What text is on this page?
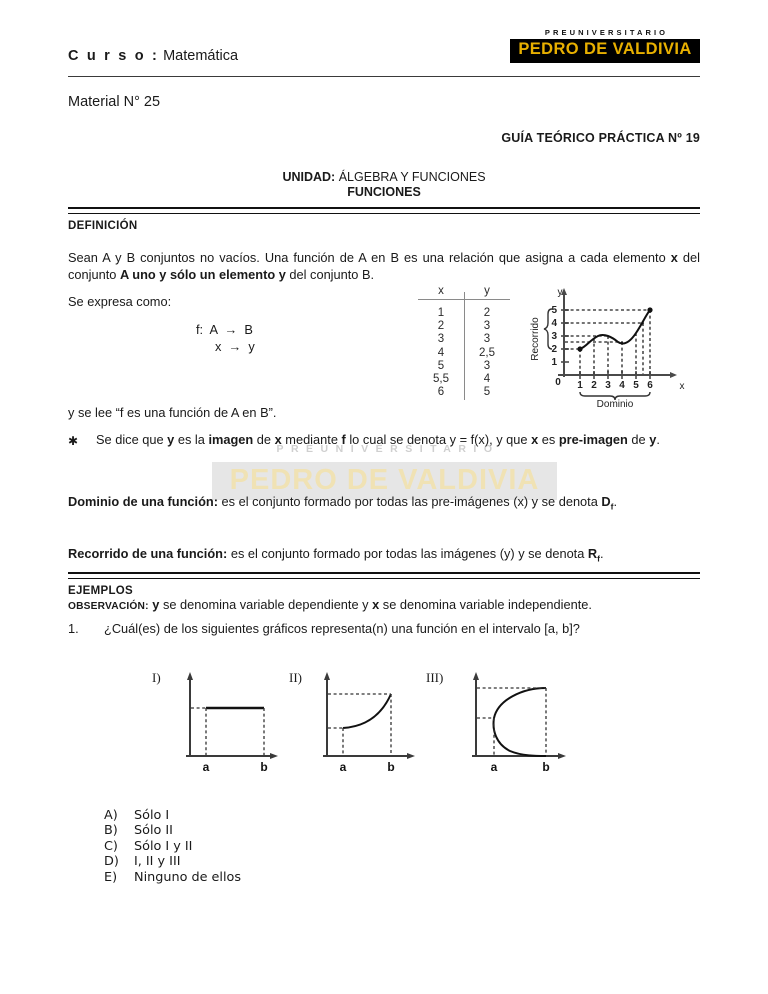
C u r s o : Matemática
PREUNIVERSITARIO
PEDRO DE VALDIVIA
Material N° 25
GUÍA TEÓRICO PRÁCTICA Nº 19
UNIDAD: ÁLGEBRA Y FUNCIONES
FUNCIONES
DEFINICIÓN
Sean A y B conjuntos no vacíos. Una función de A en B es una relación que asigna a cada elemento x del conjunto A uno y sólo un elemento y del conjunto B.
Se expresa como:
f:  A  →  B
x  →  y
x	y
1	2
2	3
3	3
4	2,5
5	3
5,5	4
6	5
1
2
3
4
5
1 2 3 4 5 6
0
y
x
Recorrido
Dominio
y se lee “f es una función de A en B”.
PREUNIVERSITARIO
PEDRO DE VALDIVIA
✱	Se dice que y es la imagen de x mediante f lo cual se denota y = f(x), y que x es pre-imagen de y.
Dominio de una función: es el conjunto formado por todas las pre-imágenes (x) y se denota $D_f$.
Recorrido de una función: es el conjunto formado por todas las imágenes (y) y se denota $R_f$.
OBSERVACIÓN: y se denomina variable dependiente y x se denomina variable independiente.
EJEMPLOS
1.	¿Cuál(es) de los siguientes gráficos representa(n) una función en el intervalo [a, b]?
I)
a	b
II)
a	b
III)
a	b
A)	Sólo I
B)	Sólo II
C)	Sólo I y II
D)	I, II y III
E)	Ninguno de ellos
